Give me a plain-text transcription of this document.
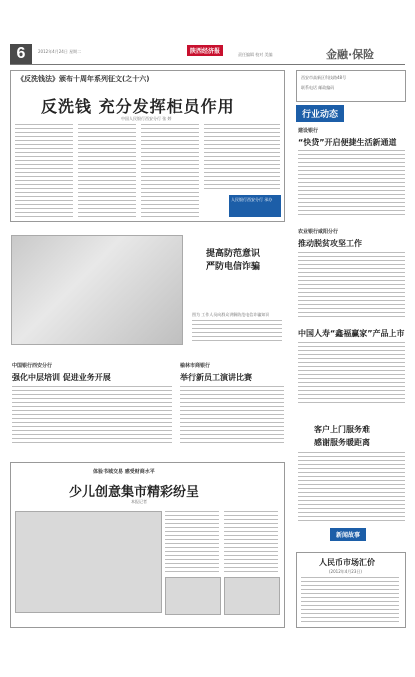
6	2012年4月24日 星期二	陕西经济报	责任编辑 校对 美编	金融·保险
《反洗钱法》颁布十周年系列征文(之十六)
反洗钱 充分发挥柜员作用
中国人民银行西安分行 张 婷
人民银行西安分行 承办
西安市高新区科技路48号
联系电话 邮政编码
行业动态
建设银行
“快贷”开启便捷生活新通道
农业银行咸阳分行
推动脱贫攻坚工作
中国人寿“鑫福赢家”产品上市
提高防范意识
严防电信诈骗
图为 工作人员向群众讲解防范电信诈骗知识
中国银行西安分行
强化中层培训 促进业务开展
榆林市商银行
举行新员工演讲比赛
体验书城交易 感受财商水平
少儿创意集市精彩纷呈
本报记者
客户上门服务难
感谢服务暖距离
新闻故事
人民币市场汇价
(2012年4月23日)
